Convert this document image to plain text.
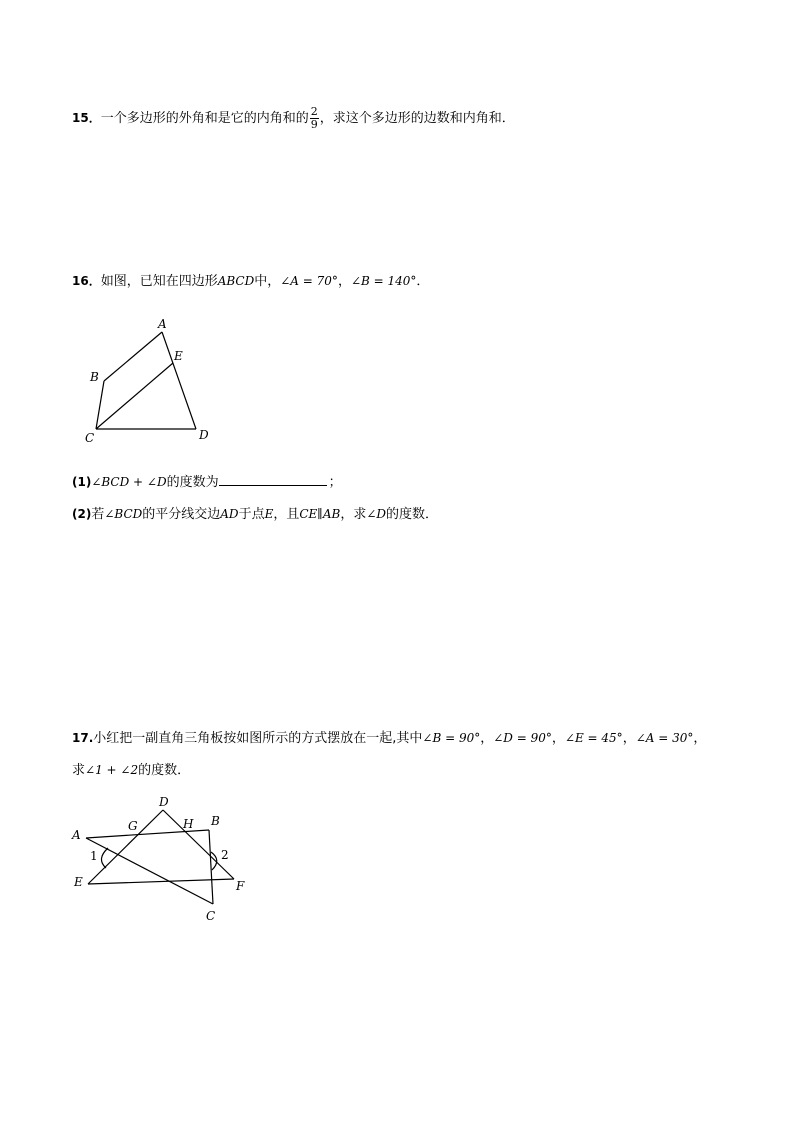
15．一个多边形的外角和是它的内角和的 $\frac{2}{9}$ ，求这个多边形的边数和内角和．
16．如图，已知在四边形ABCD中，∠A = 70°，∠B = 140°．
A
B
C	D
E
(1)∠BCD + ∠D的度数为	；
(2)若∠BCD的平分线交边AD于点E，且CE∥AB，求∠D的度数．
17.小红把一副直角三角板按如图所示的方式摆放在一起,其中∠B = 90°，∠D = 90°，∠E = 45°，∠A = 30°，
求∠1 + ∠2的度数．
D
G	H B
A
1	2
E	F
C
